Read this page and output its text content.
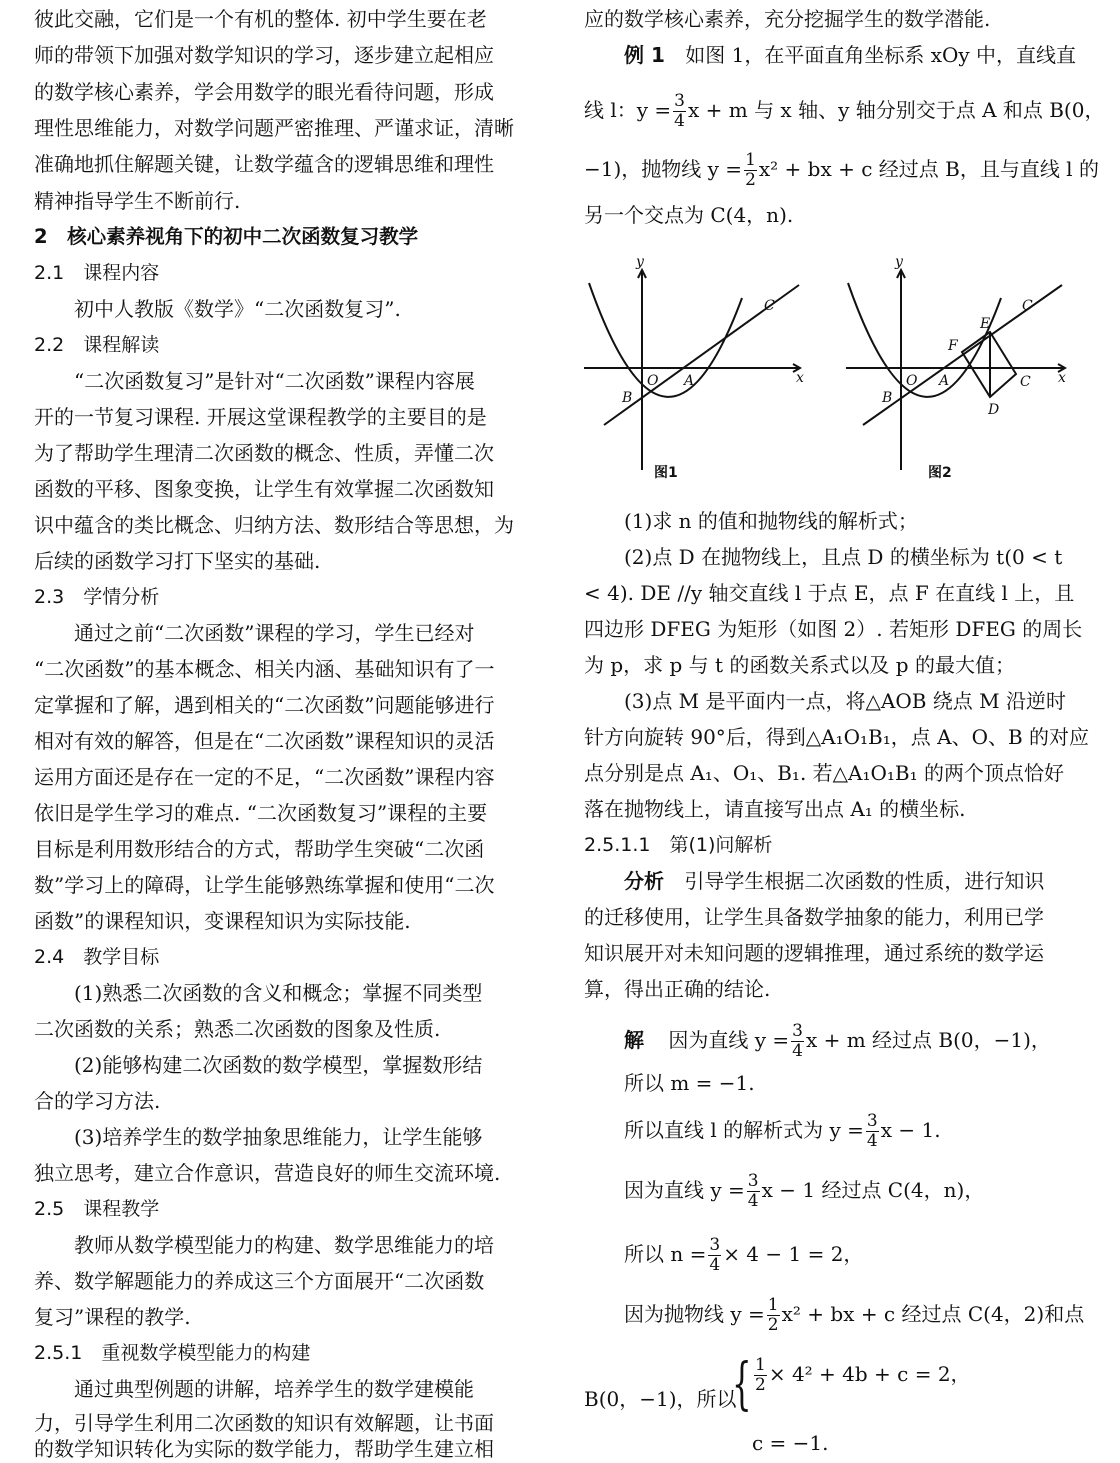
彼此交融，它们是一个有机的整体. 初中学生要在老
师的带领下加强对数学知识的学习，逐步建立起相应
的数学核心素养，学会用数学的眼光看待问题，形成
理性思维能力，对数学问题严密推理、严谨求证，清晰
准确地抓住解题关键，让数学蕴含的逻辑思维和理性
精神指导学生不断前行.
2　核心素养视角下的初中二次函数复习教学
2.1　课程内容
初中人教版《数学》“二次函数复习”.
2.2　课程解读
“二次函数复习”是针对“二次函数”课程内容展
开的一节复习课程. 开展这堂课程教学的主要目的是
为了帮助学生理清二次函数的概念、性质，弄懂二次
函数的平移、图象变换，让学生有效掌握二次函数知
识中蕴含的类比概念、归纳方法、数形结合等思想，为
后续的函数学习打下坚实的基础.
2.3　学情分析
通过之前“二次函数”课程的学习，学生已经对
“二次函数”的基本概念、相关内涵、基础知识有了一
定掌握和了解，遇到相关的“二次函数”问题能够进行
相对有效的解答，但是在“二次函数”课程知识的灵活
运用方面还是存在一定的不足，“二次函数”课程内容
依旧是学生学习的难点. “二次函数复习”课程的主要
目标是利用数形结合的方式，帮助学生突破“二次函
数”学习上的障碍，让学生能够熟练掌握和使用“二次
函数”的课程知识，变课程知识为实际技能.
2.4　教学目标
(1)熟悉二次函数的含义和概念；掌握不同类型
二次函数的关系；熟悉二次函数的图象及性质.
(2)能够构建二次函数的数学模型，掌握数形结
合的学习方法.
(3)培养学生的数学抽象思维能力，让学生能够
独立思考，建立合作意识，营造良好的师生交流环境.
2.5　课程教学
教师从数学模型能力的构建、数学思维能力的培
养、数学解题能力的养成这三个方面展开“二次函数
复习”课程的教学.
2.5.1　重视数学模型能力的构建
通过典型例题的讲解，培养学生的数学建模能
力，引导学生利用二次函数的知识有效解题，让书面
的数学知识转化为实际的数学能力，帮助学生建立相
应的数学核心素养，充分挖掘学生的数学潜能.
例 1 如图 1，在平面直角坐标系 xOy 中，直线直
线 l：$y = \frac{3}{4}$ x + m 与 x 轴、y 轴分别交于点 A 和点 B(0，
−1)，抛物线 $y = \frac{1}{2} x^2$ + bx + c 经过点 B，且与直线 l 的
另一个交点为 C(4，n).
y
x
O A
B
C
图1
y
x
O A
B
C
F
E
D
C
图2
(1)求 n 的值和抛物线的解析式；
(2)点 D 在抛物线上，且点 D 的横坐标为 t(0 < t
< 4). DE //y 轴交直线 l 于点 E，点 F 在直线 l 上，且
四边形 DFEG 为矩形（如图 2）. 若矩形 DFEG 的周长
为 p，求 p 与 t 的函数关系式以及 p 的最大值；
(3)点 M 是平面内一点，将△AOB 绕点 M 沿逆时
针方向旋转 90°后，得到△A₁O₁B₁，点 A、O、B 的对应
点分别是点 A₁、O₁、B₁. 若△A₁O₁B₁ 的两个顶点恰好
落在抛物线上，请直接写出点 A₁ 的横坐标.
2.5.1.1　第(1)问解析
分析 引导学生根据二次函数的性质，进行知识
的迁移使用，让学生具备数学抽象的能力，利用已学
知识展开对未知问题的逻辑推理，通过系统的数学运
算，得出正确的结论.
解 因为直线 $y = \frac{3}{4}$ x + m 经过点 B(0，−1)，
所以 m = −1.
所以直线 l 的解析式为 $y = \frac{3}{4}$ x − 1.
因为直线 $y = \frac{3}{4}$ x − 1 经过点 C(4，n)，
所以 $n = \frac{3}{4} \times 4 - 1 = 2$，
因为抛物线 $y = \frac{1}{2} x^2$ + bx + c 经过点 C(4，2)和点
B(0，−1)，所以
{ $\frac{1}{2} \times 4^2 + 4b + c = 2$，
c = −1.
